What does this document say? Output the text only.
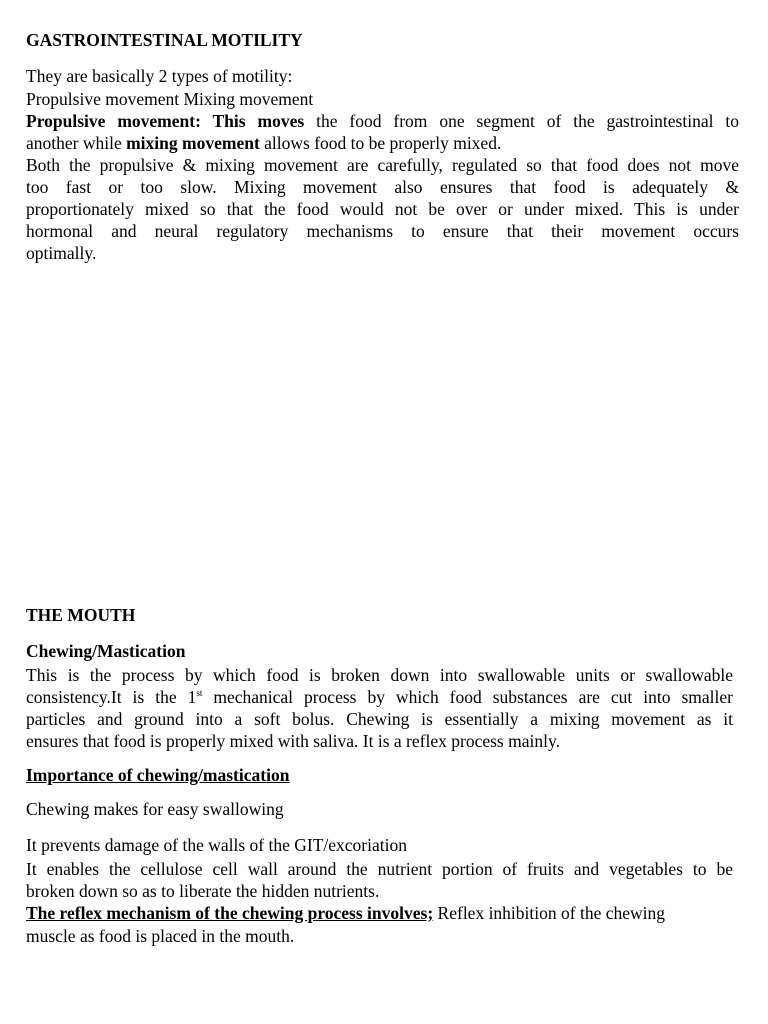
GASTROINTESTINAL MOTILITY
They are basically 2 types of motility:
Propulsive movement Mixing movement
Propulsive movement: This moves the food from one segment of the gastrointestinal to
another while mixing movement allows food to be properly mixed.
Both the propulsive & mixing movement are carefully, regulated so that food does not move
too fast or too slow. Mixing movement also ensures that food is adequately &
proportionately mixed so that the food would not be over or under mixed. This is under
hormonal and neural regulatory mechanisms to ensure that their movement occurs
optimally.
THE MOUTH
Chewing/Mastication
This is the process by which food is broken down into swallowable units or swallowable
consistency.It is the 1st mechanical process by which food substances are cut into smaller
particles and ground into a soft bolus. Chewing is essentially a mixing movement as it
ensures that food is properly mixed with saliva. It is a reflex process mainly.
Importance of chewing/mastication
Chewing makes for easy swallowing
It prevents damage of the walls of the GIT/excoriation
It enables the cellulose cell wall around the nutrient portion of fruits and vegetables to be
broken down so as to liberate the hidden nutrients.
The reflex mechanism of the chewing process involves; Reflex inhibition of the chewing
muscle as food is placed in the mouth.
